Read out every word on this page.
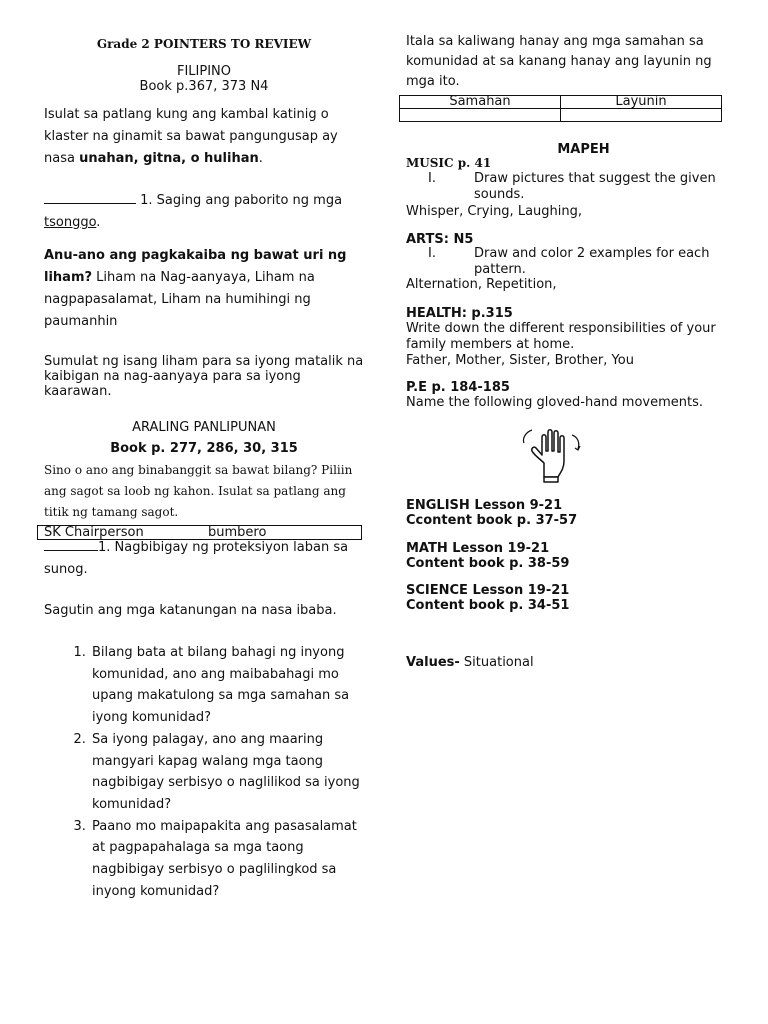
Grade 2 POINTERS TO REVIEW
FILIPINO
Book p.367, 373 N4
Isulat sa patlang kung ang kambal katinig o klaster na ginamit sa bawat pangungusap ay nasa unahan, gitna, o hulihan.
1. Saging ang paborito ng mga tsonggo.
Anu-ano ang pagkakaiba ng bawat uri ng liham? Liham na Nag-aanyaya, Liham na nagpapasalamat, Liham na humihingi ng paumanhin
Sumulat ng isang liham para sa iyong matalik na kaibigan na nag-aanyaya para sa iyong kaarawan.
ARALING PANLIPUNAN
Book p. 277, 286, 30, 315
Sino o ano ang binabanggit sa bawat bilang? Piliin ang sagot sa loob ng kahon. Isulat sa patlang ang titik ng tamang sagot.
SK Chairperson	bumbero
1. Nagbibigay ng proteksiyon laban sa sunog.
Sagutin ang mga katanungan na nasa ibaba.
1. Bilang bata at bilang bahagi ng inyong komunidad, ano ang maibabahagi mo upang makatulong sa mga samahan sa iyong komunidad?
2. Sa iyong palagay, ano ang maaring mangyari kapag walang mga taong nagbibigay serbisyo o naglilikod sa iyong komunidad?
3. Paano mo maipapakita ang pasasalamat at pagpapahalaga sa mga taong nagbibigay serbisyo o paglilingkod sa inyong komunidad?
Itala sa kaliwang hanay ang mga samahan sa komunidad at sa kanang hanay ang layunin ng mga ito.
Samahan	Layunin

MAPEH
MUSIC p. 41
I.	Draw pictures that suggest the given sounds.
Whisper, Crying, Laughing,
ARTS: N5
I.	Draw and color 2 examples for each pattern.
Alternation, Repetition,
HEALTH: p.315
Write down the different responsibilities of your family members at home.
Father, Mother, Sister, Brother, You
P.E p. 184-185
Name the following gloved-hand movements.
ENGLISH Lesson 9-21
Ccontent book p. 37-57
MATH Lesson 19-21
Content book p. 38-59
SCIENCE Lesson 19-21
Content book p. 34-51
Values- Situational
